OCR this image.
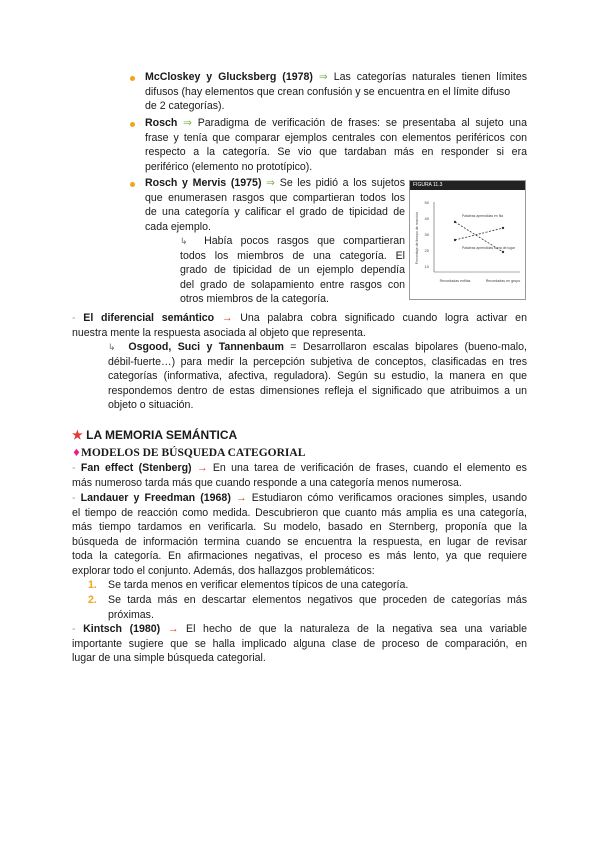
McCloskey y Glucksberg (1978) ⇒ Las categorías naturales tienen límites
difusos (hay elementos que crean confusión y se encuentra en el límite difuso
de 2 categorías).
Rosch ⇒ Paradigma de verificación de frases: se presentaba al sujeto una
frase y tenía que comparar ejemplos centrales con elementos periféricos con
respecto a la categoría. Se vio que tardaban más en responder si era
periférico (elemento no prototípico).
Rosch y Mervis (1975) ⇒ Se les pidió a los sujetos
que enumerasen rasgos que compartieran todos los
de una categoría y calificar el grado de tipicidad de
cada ejemplo.
↳ Había pocos rasgos que compartieran
todos los miembros de una categoría. El
grado de tipicidad de un ejemplo dependía
del grado de solapamiento entre rasgos con
otros miembros de la categoría.
FIGURA 11.3
50
40
30
20
10
Porcentaje de tiempo de reacción	Palabras aprendidas en fila
Palabras aprendidas fuera de lugar
Recordadas enfilas	Recordadas en grupo
- El diferencial semántico → Una palabra cobra significado cuando logra activar en
nuestra mente la respuesta asociada al objeto que representa.
↳ Osgood, Suci y Tannenbaum = Desarrollaron escalas bipolares (bueno-malo,
débil-fuerte…) para medir la percepción subjetiva de conceptos, clasificadas en tres
categorías (informativa, afectiva, reguladora). Según su estudio, la manera en que
respondemos dentro de estas dimensiones refleja el significado que atribuimos a un
objeto o situación.
★ LA MEMORIA SEMÁNTICA
♦MODELOS DE BÚSQUEDA CATEGORIAL
- Fan effect (Stenberg) → En una tarea de verificación de frases, cuando el elemento es
más numeroso tarda más que cuando responde a una categoría menos numerosa.
- Landauer y Freedman (1968) → Estudiaron cómo verificamos oraciones simples, usando
el tiempo de reacción como medida. Descubrieron que cuanto más amplia es una categoría,
más tiempo tardamos en verificarla. Su modelo, basado en Sternberg, proponía que la
búsqueda de información termina cuando se encuentra la respuesta, en lugar de revisar
toda la categoría. En afirmaciones negativas, el proceso es más lento, ya que requiere
explorar todo el conjunto. Además, dos hallazgos problemáticos:
1. Se tarda menos en verificar elementos típicos de una categoría.
2. Se tarda más en descartar elementos negativos que proceden de categorías más
próximas.
- Kintsch (1980) → El hecho de que la naturaleza de la negativa sea una variable
importante sugiere que se halla implicado alguna clase de proceso de comparación, en
lugar de una simple búsqueda categorial.
